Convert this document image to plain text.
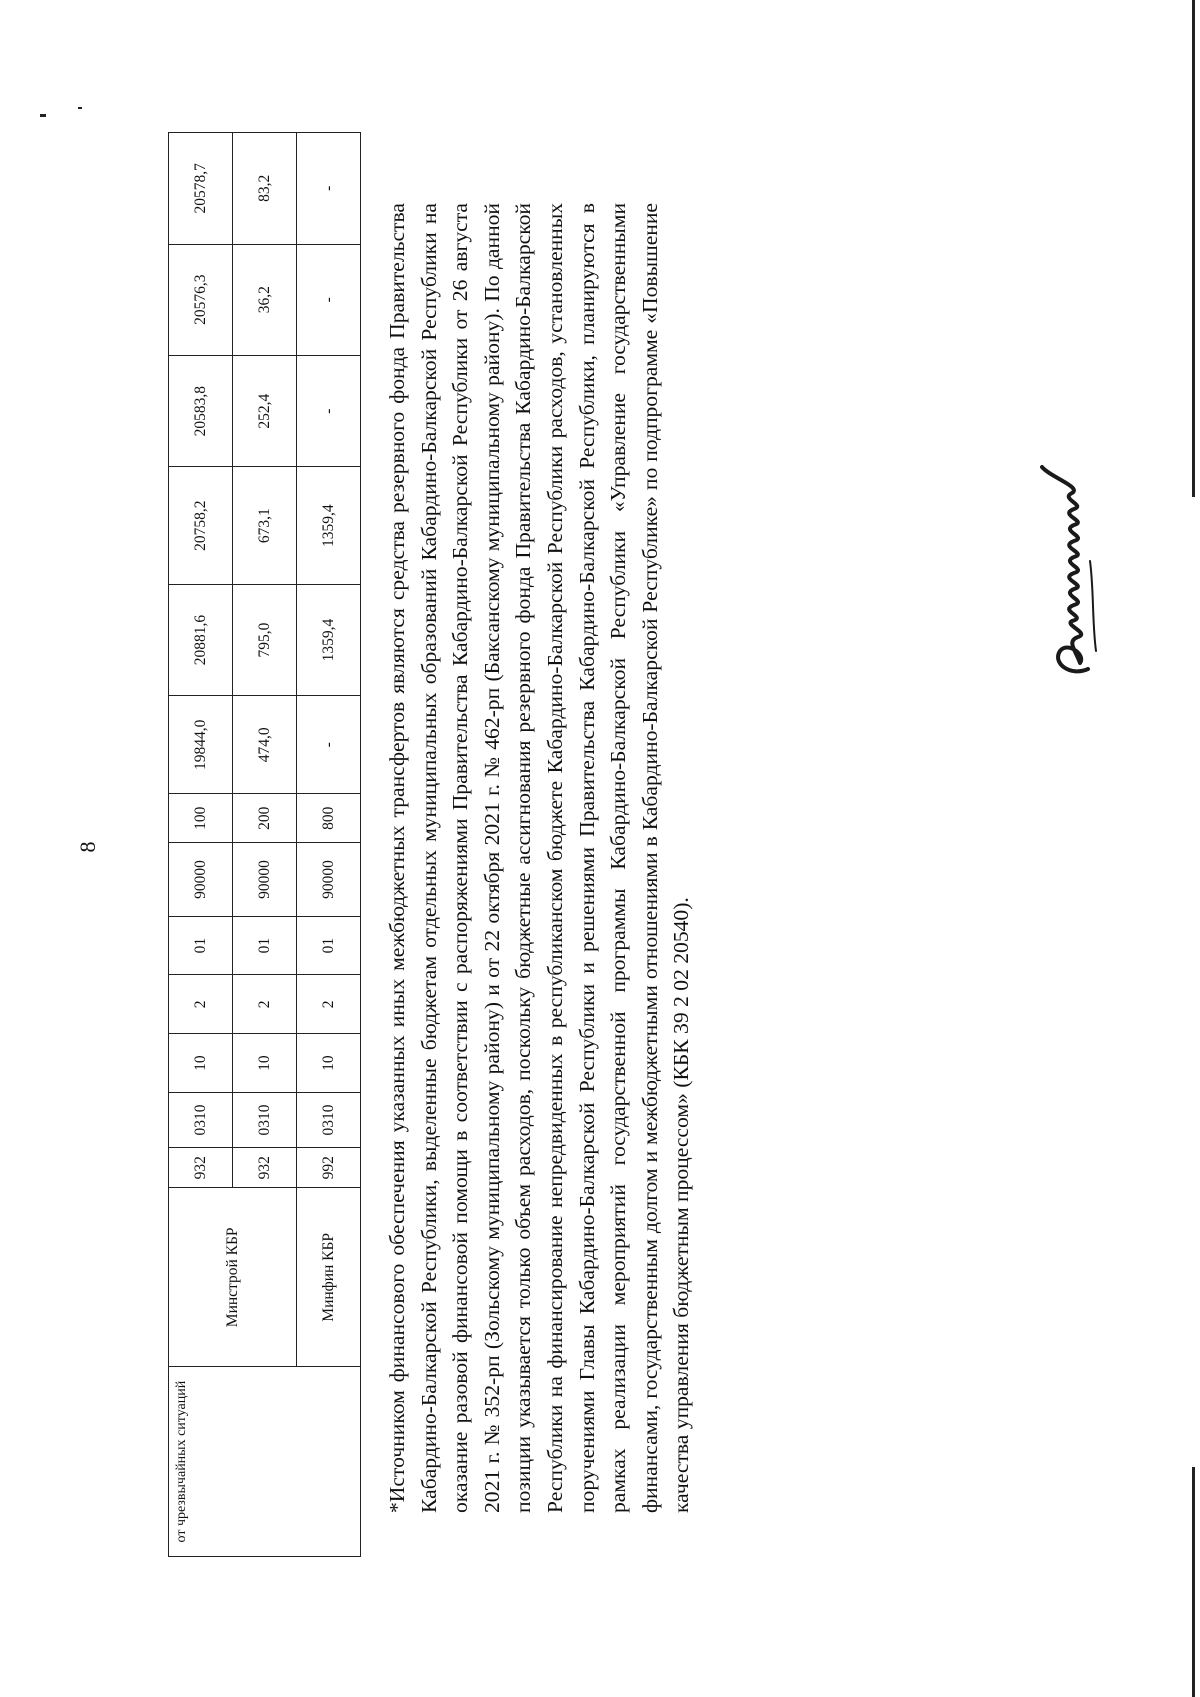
8
от чрезвычайных ситуаций	Минстрой КБР	932	0310	10	2	01	90000	100	19844,0	20881,6	20758,2	20583,8	20576,3	20578,7
		932	0310	10	2	01	90000	200	474,0	795,0	673,1	252,4	36,2	83,2
	Минфин КБР	992	0310	10	2	01	90000	800	-	1359,4	1359,4	-	-	-

*Источником финансового обеспечения указанных иных межбюджетных трансфертов являются средства резервного фонда Правительства Кабардино-Балкарской Республики, выделенные бюджетам отдельных муниципальных образований Кабардино-Балкарской Республики на оказание разовой финансовой помощи в соответствии с распоряжениями Правительства Кабардино-Балкарской Республики от 26 августа 2021 г. № 352-рп (Зольскому муниципальному району) и от 22 октября 2021 г. № 462-рп (Баксанскому муниципальному району). По данной позиции указывается только объем расходов, поскольку бюджетные ассигнования резервного фонда Правительства Кабардино-Балкарской Республики на финансирование непредвиденных в республиканском бюджете Кабардино-Балкарской Республики расходов, установленных поручениями Главы Кабардино-Балкарской Республики и решениями Правительства Кабардино-Балкарской Республики, планируются в рамках реализации мероприятий государственной программы Кабардино-Балкарской Республики «Управление государственными финансами, государственным долгом и межбюджетными отношениями в Кабардино-Балкарской Республике» по подпрограмме «Повышение качества управления бюджетным процессом» (КБК 39 2 02 20540).
